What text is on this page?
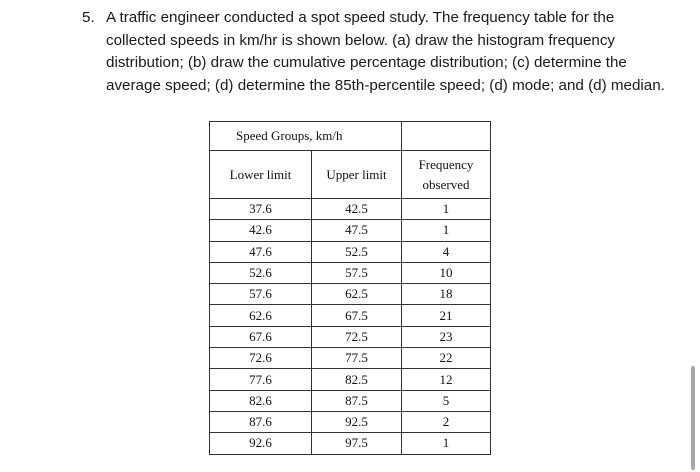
5. A traffic engineer conducted a spot speed study. The frequency table for the collected speeds in km/hr is shown below. (a) draw the histogram frequency distribution; (b) draw the cumulative percentage distribution; (c) determine the average speed; (d) determine the 85th-percentile speed; (d) mode; and (d) median.
Speed Groups, km/h		
Lower limit	Upper limit	Frequency
observed

37.6	42.5	1
42.6	47.5	1
47.6	52.5	4
52.6	57.5	10
57.6	62.5	18
62.6	67.5	21
67.6	72.5	23
72.6	77.5	22
77.6	82.5	12
82.6	87.5	5
87.6	92.5	2
92.6	97.5	1
